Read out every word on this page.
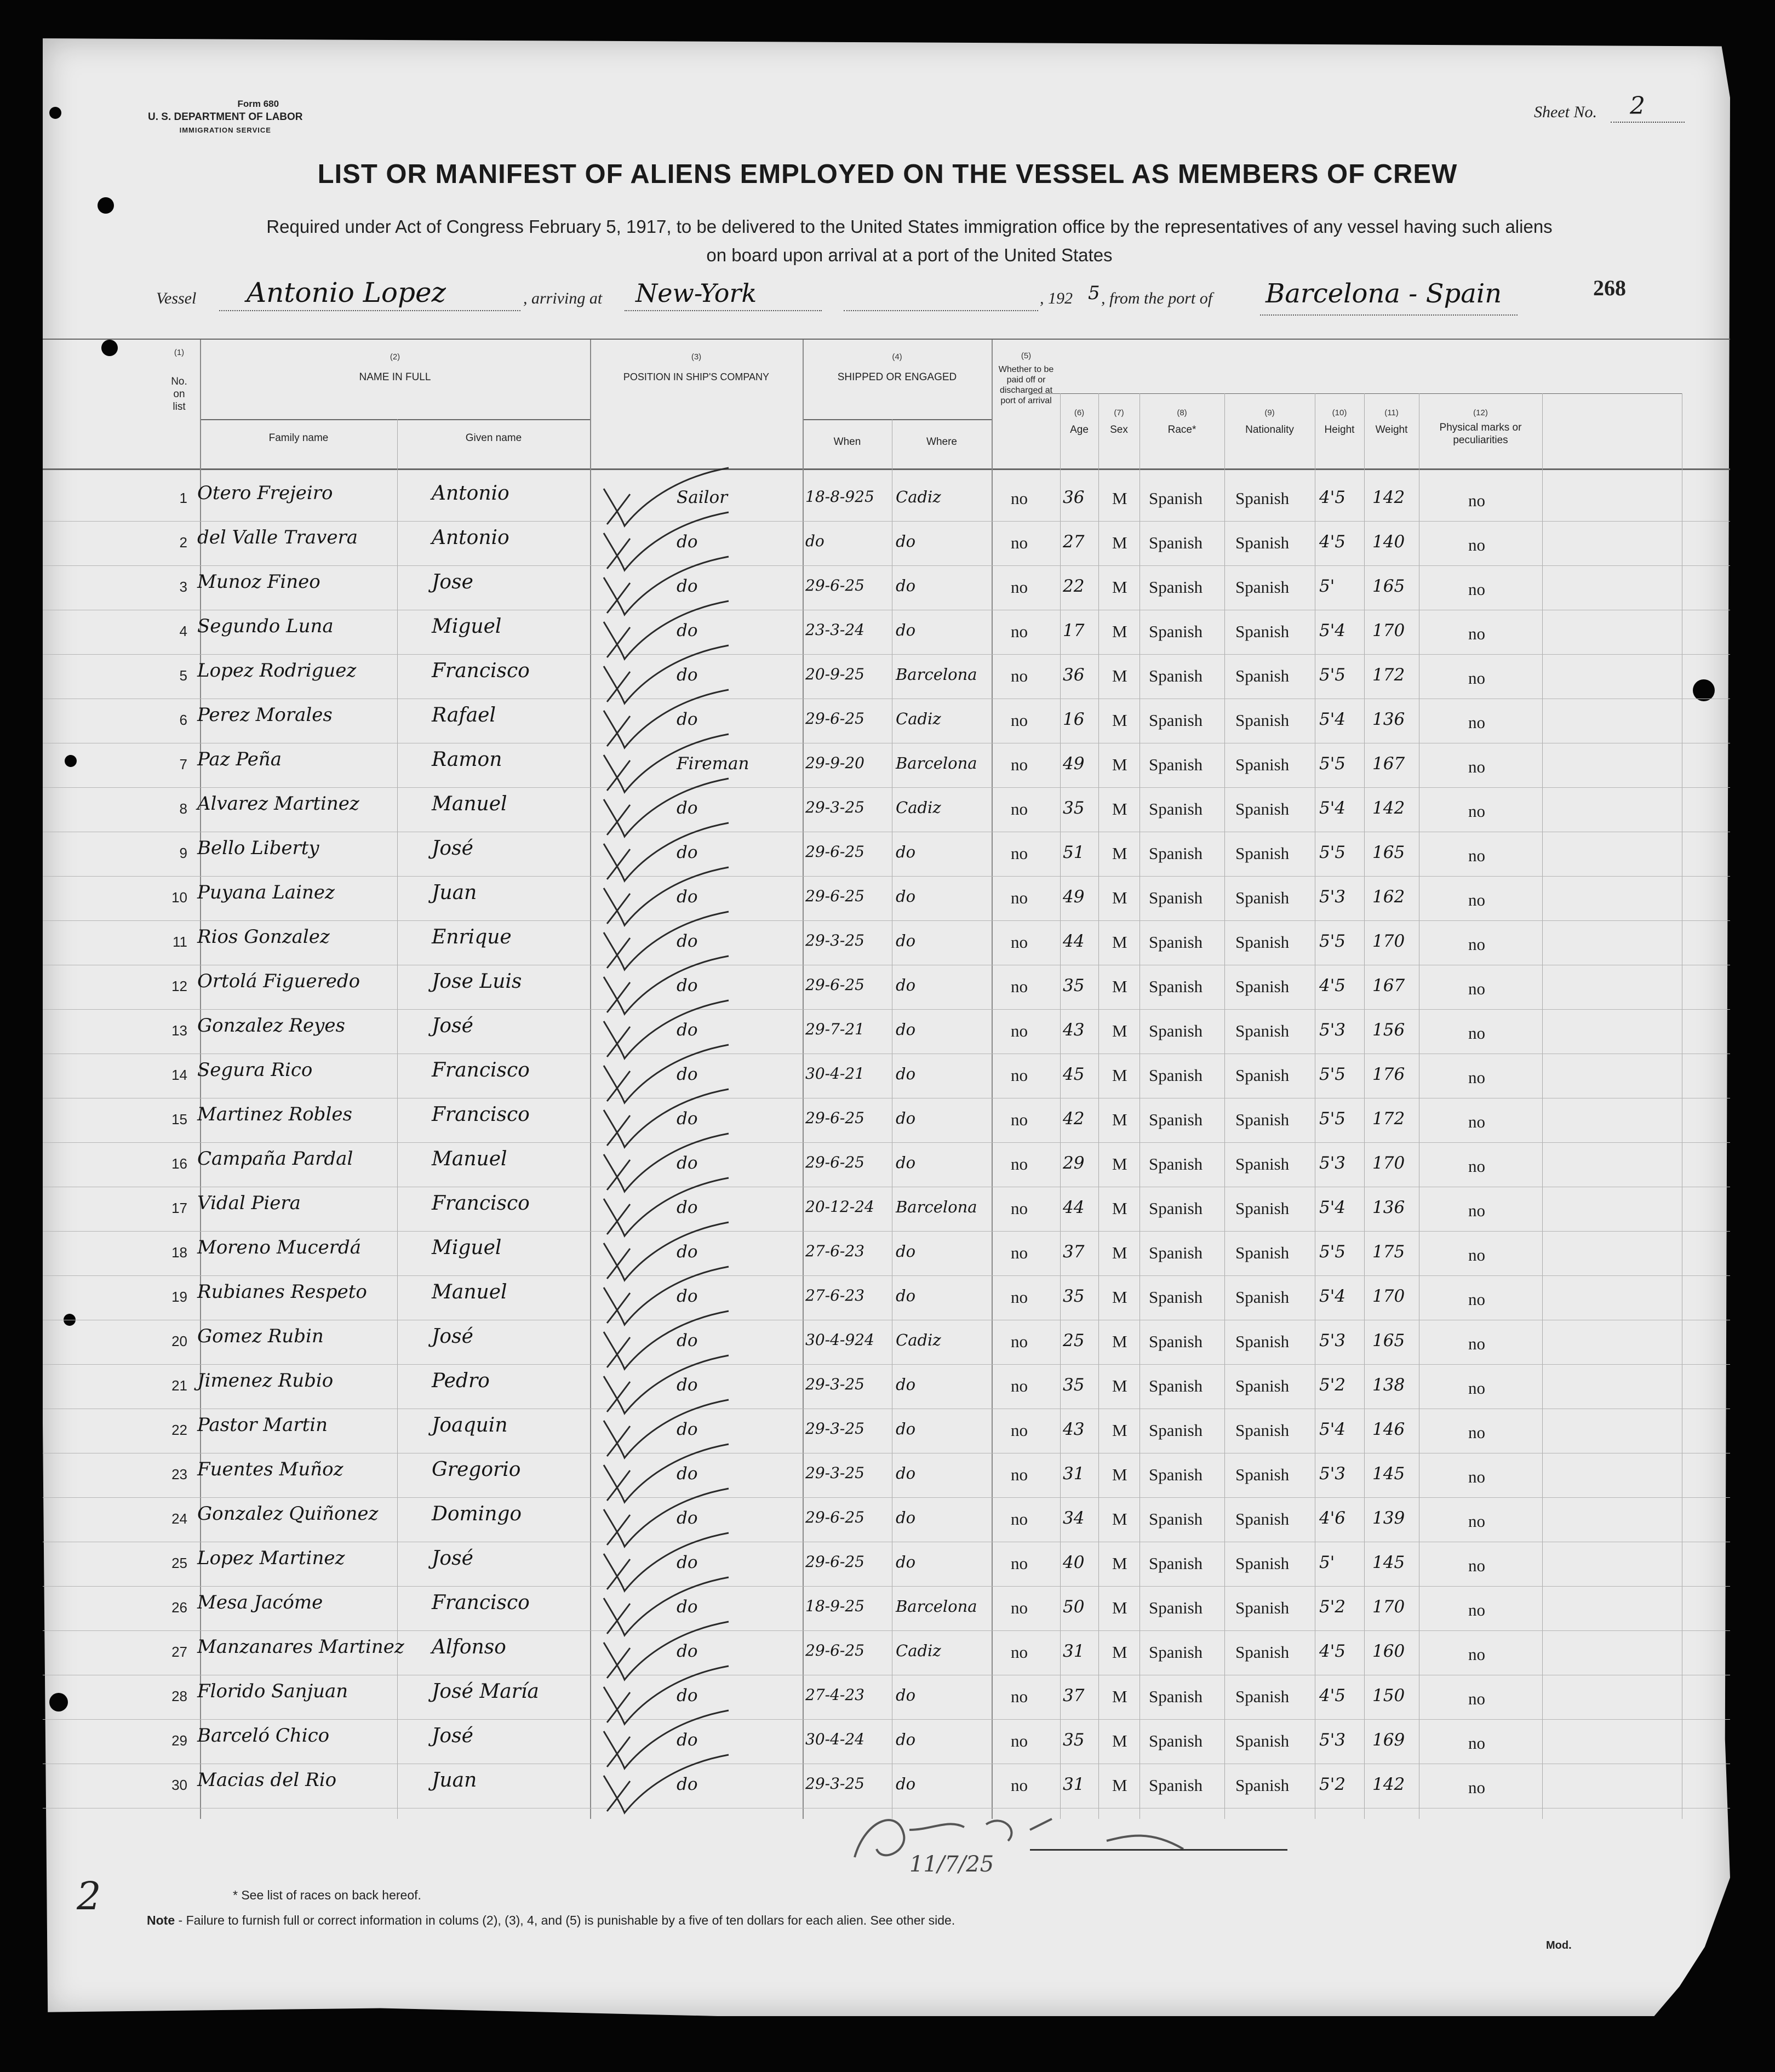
Form 680
U. S. DEPARTMENT OF LABOR
IMMIGRATION SERVICE
Sheet No. 2
LIST OR MANIFEST OF ALIENS EMPLOYED ON THE VESSEL AS MEMBERS OF CREW
Required under Act of Congress February 5, 1917, to be delivered to the United States immigration office by the representatives of any vessel having such aliens
on board upon arrival at a port of the United States
Vessel Antonio Lopez	, arriving at New-York	, 192 5 , from the port of Barcelona - Spain	268
(1)
No.
on
list
(2)
NAME IN FULL
Family name	Given name
(3)
POSITION IN SHIP'S COMPANY
(4)
SHIPPED OR ENGAGED
When	Where
(5)
Whether to be paid off or discharged at port of arrival
(6)
Age
(7)
Sex
(8)
Race*
(9)
Nationality
(10)
Height
(11)
Weight
(12)
Physical marks or peculiarities
1 Otero Frejeiro	Antonio	Sailor	18-8-925 Cadiz	no 36 M Spanish Spanish 4'5 142	no
2 del Valle Travera	Antonio	do	do	do	no 27 M Spanish Spanish 4'5 140	no
3 Munoz Fineo	Jose	do	29-6-25 do	no 22 M Spanish Spanish 5' 165	no
4 Segundo Luna	Miguel	do	23-3-24 do	no 17 M Spanish Spanish 5'4 170	no
5 Lopez Rodriguez	Francisco	do	20-9-25 Barcelona no 36 M Spanish Spanish 5'5 172	no
6 Perez Morales	Rafael	do	29-6-25 Cadiz	no 16 M Spanish Spanish 5'4 136	no
7 Paz Peña	Ramon	Fireman	29-9-20 Barcelona no 49 M Spanish Spanish 5'5 167	no
8 Alvarez Martinez	Manuel	do	29-3-25 Cadiz	no 35 M Spanish Spanish 5'4 142	no
9 Bello Liberty	José	do	29-6-25 do	no 51 M Spanish Spanish 5'5 165	no
10 Puyana Lainez	Juan	do	29-6-25 do	no 49 M Spanish Spanish 5'3 162	no
11 Rios Gonzalez	Enrique	do	29-3-25 do	no 44 M Spanish Spanish 5'5 170	no
12 Ortolá Figueredo	Jose Luis	do	29-6-25 do	no 35 M Spanish Spanish 4'5 167	no
13 Gonzalez Reyes	José	do	29-7-21 do	no 43 M Spanish Spanish 5'3 156	no
14 Segura Rico	Francisco	do	30-4-21 do	no 45 M Spanish Spanish 5'5 176	no
15 Martinez Robles	Francisco	do	29-6-25 do	no 42 M Spanish Spanish 5'5 172	no
16 Campaña Pardal	Manuel	do	29-6-25 do	no 29 M Spanish Spanish 5'3 170	no
17 Vidal Piera	Francisco	do	20-12-24 Barcelona no 44 M Spanish Spanish 5'4 136	no
18 Moreno Mucerdá	Miguel	do	27-6-23 do	no 37 M Spanish Spanish 5'5 175	no
19 Rubianes Respeto	Manuel	do	27-6-23 do	no 35 M Spanish Spanish 5'4 170	no
20 Gomez Rubin	José	do	30-4-924 Cadiz	no 25 M Spanish Spanish 5'3 165	no
21 Jimenez Rubio	Pedro	do	29-3-25 do	no 35 M Spanish Spanish 5'2 138	no
22 Pastor Martin	Joaquin	do	29-3-25 do	no 43 M Spanish Spanish 5'4 146	no
23 Fuentes Muñoz	Gregorio	do	29-3-25 do	no 31 M Spanish Spanish 5'3 145	no
24 Gonzalez Quiñonez	Domingo	do	29-6-25 do	no 34 M Spanish Spanish 4'6 139	no
25 Lopez Martinez	José	do	29-6-25 do	no 40 M Spanish Spanish 5' 145	no
26 Mesa Jacóme	Francisco	do	18-9-25 Barcelona no 50 M Spanish Spanish 5'2 170	no
27 Manzanares Martinez Alfonso	do	29-6-25 Cadiz	no 31 M Spanish Spanish 4'5 160	no
28 Florido Sanjuan	José María	do	27-4-23 do	no 37 M Spanish Spanish 4'5 150	no
29 Barceló Chico	José	do	30-4-24 do	no 35 M Spanish Spanish 5'3 169	no
30 Macias del Rio	Juan	do	29-3-25 do	no 31 M Spanish Spanish 5'2 142	no
11/7/25
2	* See list of races on back hereof.
Note - Failure to furnish full or correct information in colums (2), (3), 4, and (5) is punishable by a five of ten dollars for each alien. See other side.
Mod.
